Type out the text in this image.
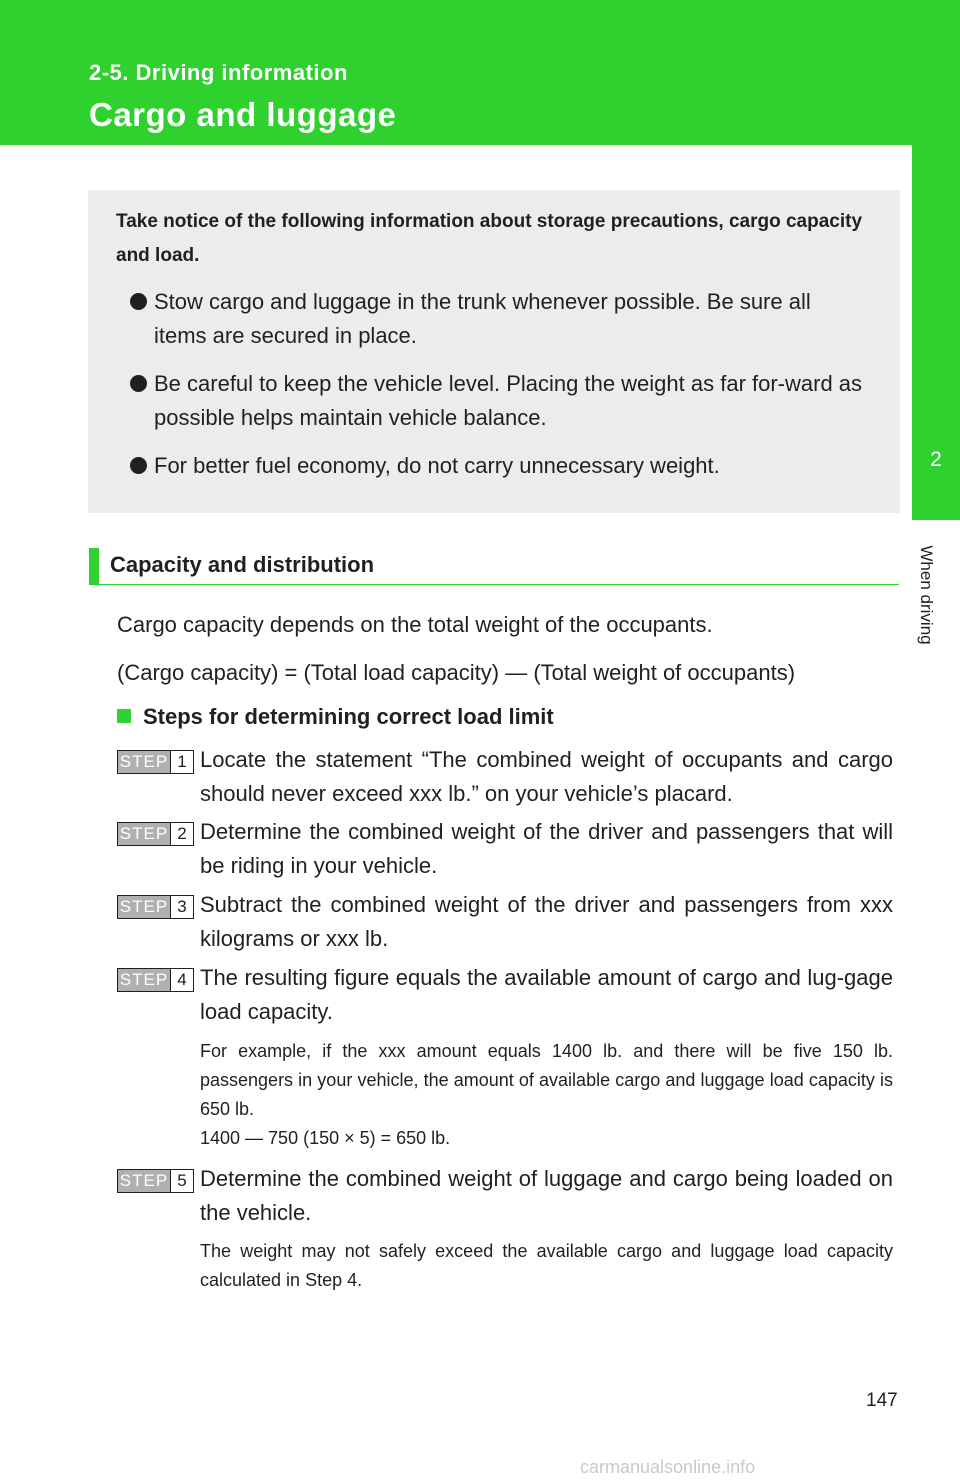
2-5. Driving information
Cargo and luggage
2
When driving
Take notice of the following information about storage precautions, cargo capacity and load.
Stow cargo and luggage in the trunk whenever possible. Be sure all items are secured in place.
Be careful to keep the vehicle level. Placing the weight as far for-ward as possible helps maintain vehicle balance.
For better fuel economy, do not carry unnecessary weight.
Capacity and distribution
Cargo capacity depends on the total weight of the occupants.
(Cargo capacity) = (Total load capacity) — (Total weight of occupants)
Steps for determining correct load limit
STEP 1 Locate the statement “The combined weight of occupants and cargo should never exceed xxx lb.” on your vehicle’s placard.
STEP 2 Determine the combined weight of the driver and passengers that will be riding in your vehicle.
STEP 3 Subtract the combined weight of the driver and passengers from xxx kilograms or xxx lb.
STEP 4 The resulting figure equals the available amount of cargo and lug-gage load capacity.
For example, if the xxx amount equals 1400 lb. and there will be five 150 lb. passengers in your vehicle, the amount of available cargo and luggage load capacity is 650 lb.
1400 — 750 (150 × 5) = 650 lb.
STEP 5 Determine the combined weight of luggage and cargo being loaded on the vehicle.
The weight may not safely exceed the available cargo and luggage load capacity calculated in Step 4.
147
carmanualsonline.info
